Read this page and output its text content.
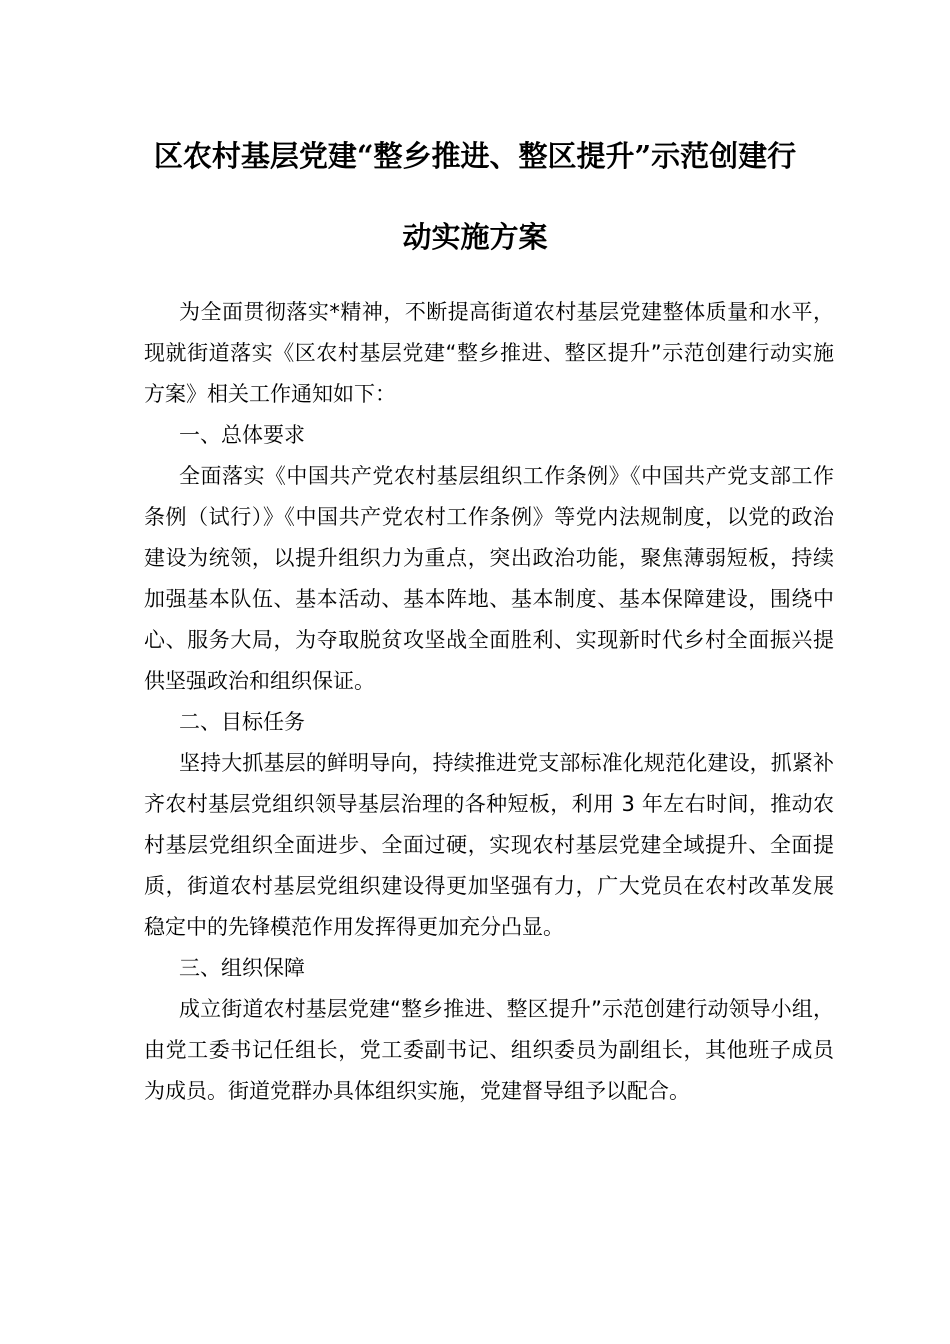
区农村基层党建“整乡推进、整区提升”示范创建行
动实施方案

为全面贯彻落实*精神，不断提高街道农村基层党建整体质量和水平，现就街道落实《区农村基层党建“整乡推进、整区提升”示范创建行动实施方案》相关工作通知如下：

一、总体要求

全面落实《中国共产党农村基层组织工作条例》《中国共产党支部工作条例（试行）》《中国共产党农村工作条例》等党内法规制度，以党的政治建设为统领，以提升组织力为重点，突出政治功能，聚焦薄弱短板，持续加强基本队伍、基本活动、基本阵地、基本制度、基本保障建设，围绕中心、服务大局，为夺取脱贫攻坚战全面胜利、实现新时代乡村全面振兴提供坚强政治和组织保证。

二、目标任务

坚持大抓基层的鲜明导向，持续推进党支部标准化规范化建设，抓紧补齐农村基层党组织领导基层治理的各种短板，利用 3 年左右时间，推动农村基层党组织全面进步、全面过硬，实现农村基层党建全域提升、全面提质，街道农村基层党组织建设得更加坚强有力，广大党员在农村改革发展稳定中的先锋模范作用发挥得更加充分凸显。

三、组织保障

成立街道农村基层党建“整乡推进、整区提升”示范创建行动领导小组，由党工委书记任组长，党工委副书记、组织委员为副组长，其他班子成员为成员。街道党群办具体组织实施，党建督导组予以配合。
